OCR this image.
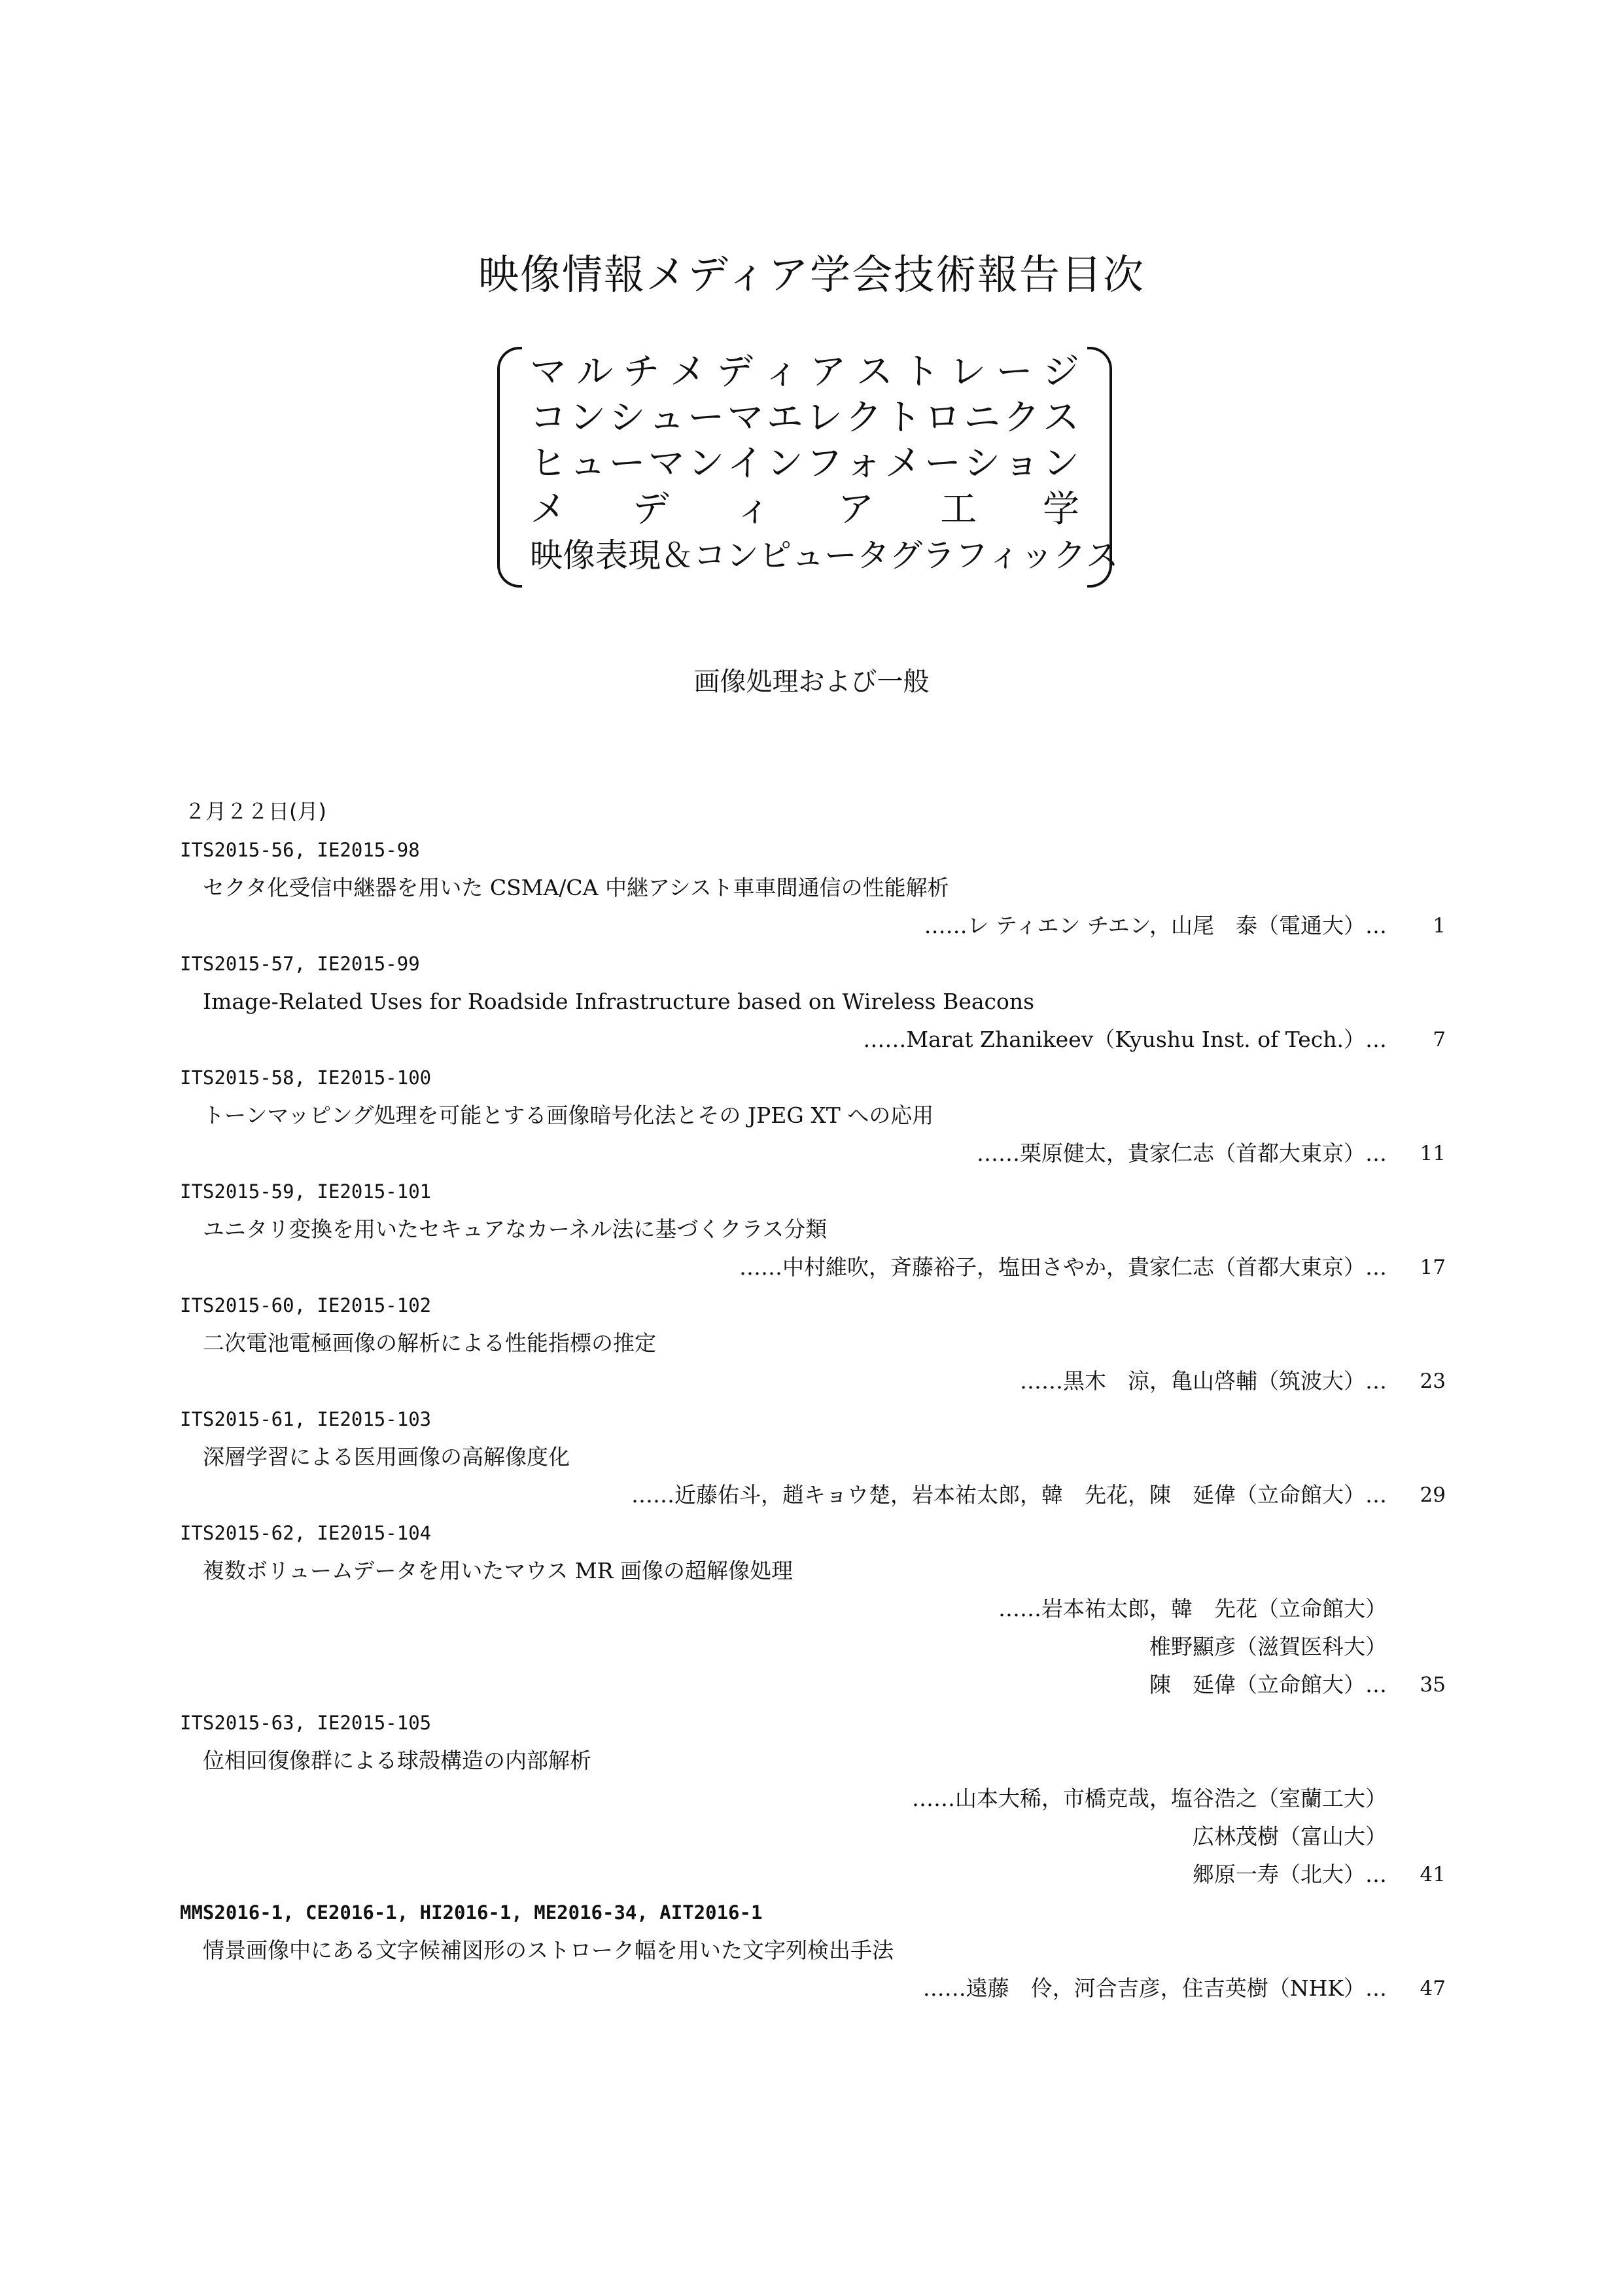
映像情報メディア学会技術報告目次
マ ル チ メ デ ィ ア ス ト レ ー ジ
コ ン シ ュ ー マ エ レ ク ト ロ ニ ク ス
ヒ ュ ー マ ン イ ン フ ォ メ ー シ ョ ン
メ デ ィ ア 工 学
映 像 表 現 ＆ コ ン ピ ュ ー タ グ ラ フ ィ ッ ク ス
画像処理および一般
２月２２日(月)
ITS2015-56, IE2015-98
セクタ化受信中継器を用いた CSMA/CA 中継アシスト車車間通信の性能解析
……レ ティエン チエン，山尾　泰（電通大）… 1
ITS2015-57, IE2015-99
Image-Related Uses for Roadside Infrastructure based on Wireless Beacons
……Marat Zhanikeev（Kyushu Inst. of Tech.）… 7
ITS2015-58, IE2015-100
トーンマッピング処理を可能とする画像暗号化法とその JPEG XT への応用
……栗原健太，貴家仁志（首都大東京）… 11
ITS2015-59, IE2015-101
ユニタリ変換を用いたセキュアなカーネル法に基づくクラス分類
……中村維吹，斉藤裕子，塩田さやか，貴家仁志（首都大東京）… 17
ITS2015-60, IE2015-102
二次電池電極画像の解析による性能指標の推定
……黒木　涼，亀山啓輔（筑波大）… 23
ITS2015-61, IE2015-103
深層学習による医用画像の高解像度化
……近藤佑斗，趙キョウ楚，岩本祐太郎，韓　先花，陳　延偉（立命館大）… 29
ITS2015-62, IE2015-104
複数ボリュームデータを用いたマウス MR 画像の超解像処理
……岩本祐太郎，韓　先花（立命館大）
椎野顯彦（滋賀医科大）
陳　延偉（立命館大）… 35
ITS2015-63, IE2015-105
位相回復像群による球殻構造の内部解析
……山本大稀，市橋克哉，塩谷浩之（室蘭工大）
広林茂樹（富山大）
郷原一寿（北大）… 41
MMS2016-1, CE2016-1, HI2016-1, ME2016-34, AIT2016-1
情景画像中にある文字候補図形のストローク幅を用いた文字列検出手法
……遠藤　伶，河合吉彦，住吉英樹（NHK）… 47
